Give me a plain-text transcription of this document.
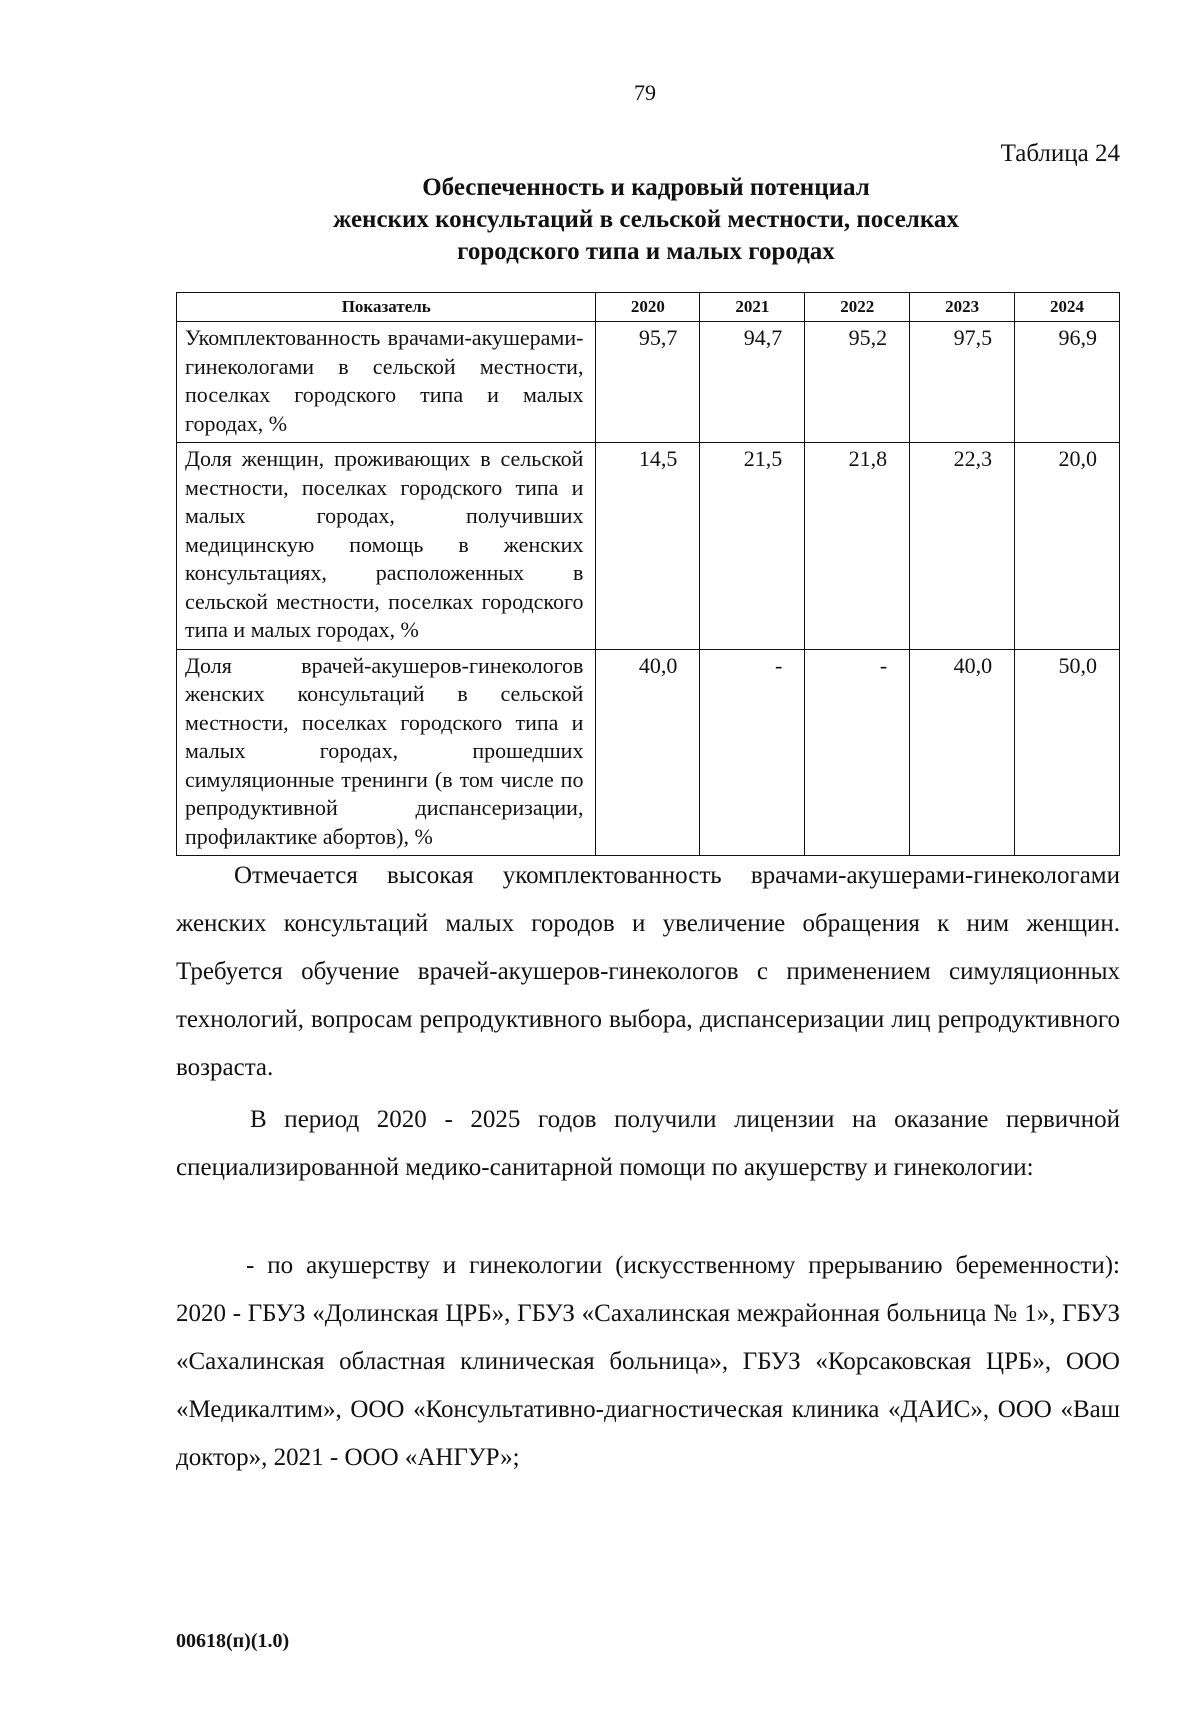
79
Таблица 24
Обеспеченность и кадровый потенциал
женских консультаций в сельской местности, поселках
городского типа и малых городах
Показатель	2020	2021	2022	2023	2024
Укомплектованность врачами-акушерами-гинекологами в сельской местности, поселках городского типа и малых городах, %	95,7	94,7	95,2	97,5	96,9
Доля женщин, проживающих в сельской местности, поселках городского типа и малых городах, получивших медицинскую помощь в женских консультациях, расположенных в сельской местности, поселках городского типа и малых городах, %	14,5	21,5	21,8	22,3	20,0
Доля врачей-акушеров-гинекологов женских консультаций в сельской местности, поселках городского типа и малых городах, прошедших симуляционные тренинги (в том числе по репродуктивной диспансеризации, профилактике абортов), %	40,0	-	-	40,0	50,0

Отмечается высокая укомплектованность врачами-акушерами-гинекологами женских консультаций малых городов и увеличение обращения к ним женщин. Требуется обучение врачей-акушеров-гинекологов с применением симуляционных технологий, вопросам репродуктивного выбора, диспансеризации лиц репродуктивного возраста.

В период 2020 - 2025 годов получили лицензии на оказание первичной специализированной медико-санитарной помощи по акушерству и гинекологии:

- по акушерству и гинекологии (искусственному прерыванию беременности): 2020 - ГБУЗ «Долинская ЦРБ», ГБУЗ «Сахалинская межрайонная больница № 1», ГБУЗ «Сахалинская областная клиническая больница», ГБУЗ «Корсаковская ЦРБ», ООО «Медикалтим», ООО «Консультативно-диагностическая клиника «ДАИС», ООО «Ваш доктор», 2021 - ООО «АНГУР»;

00618(п)(1.0)
